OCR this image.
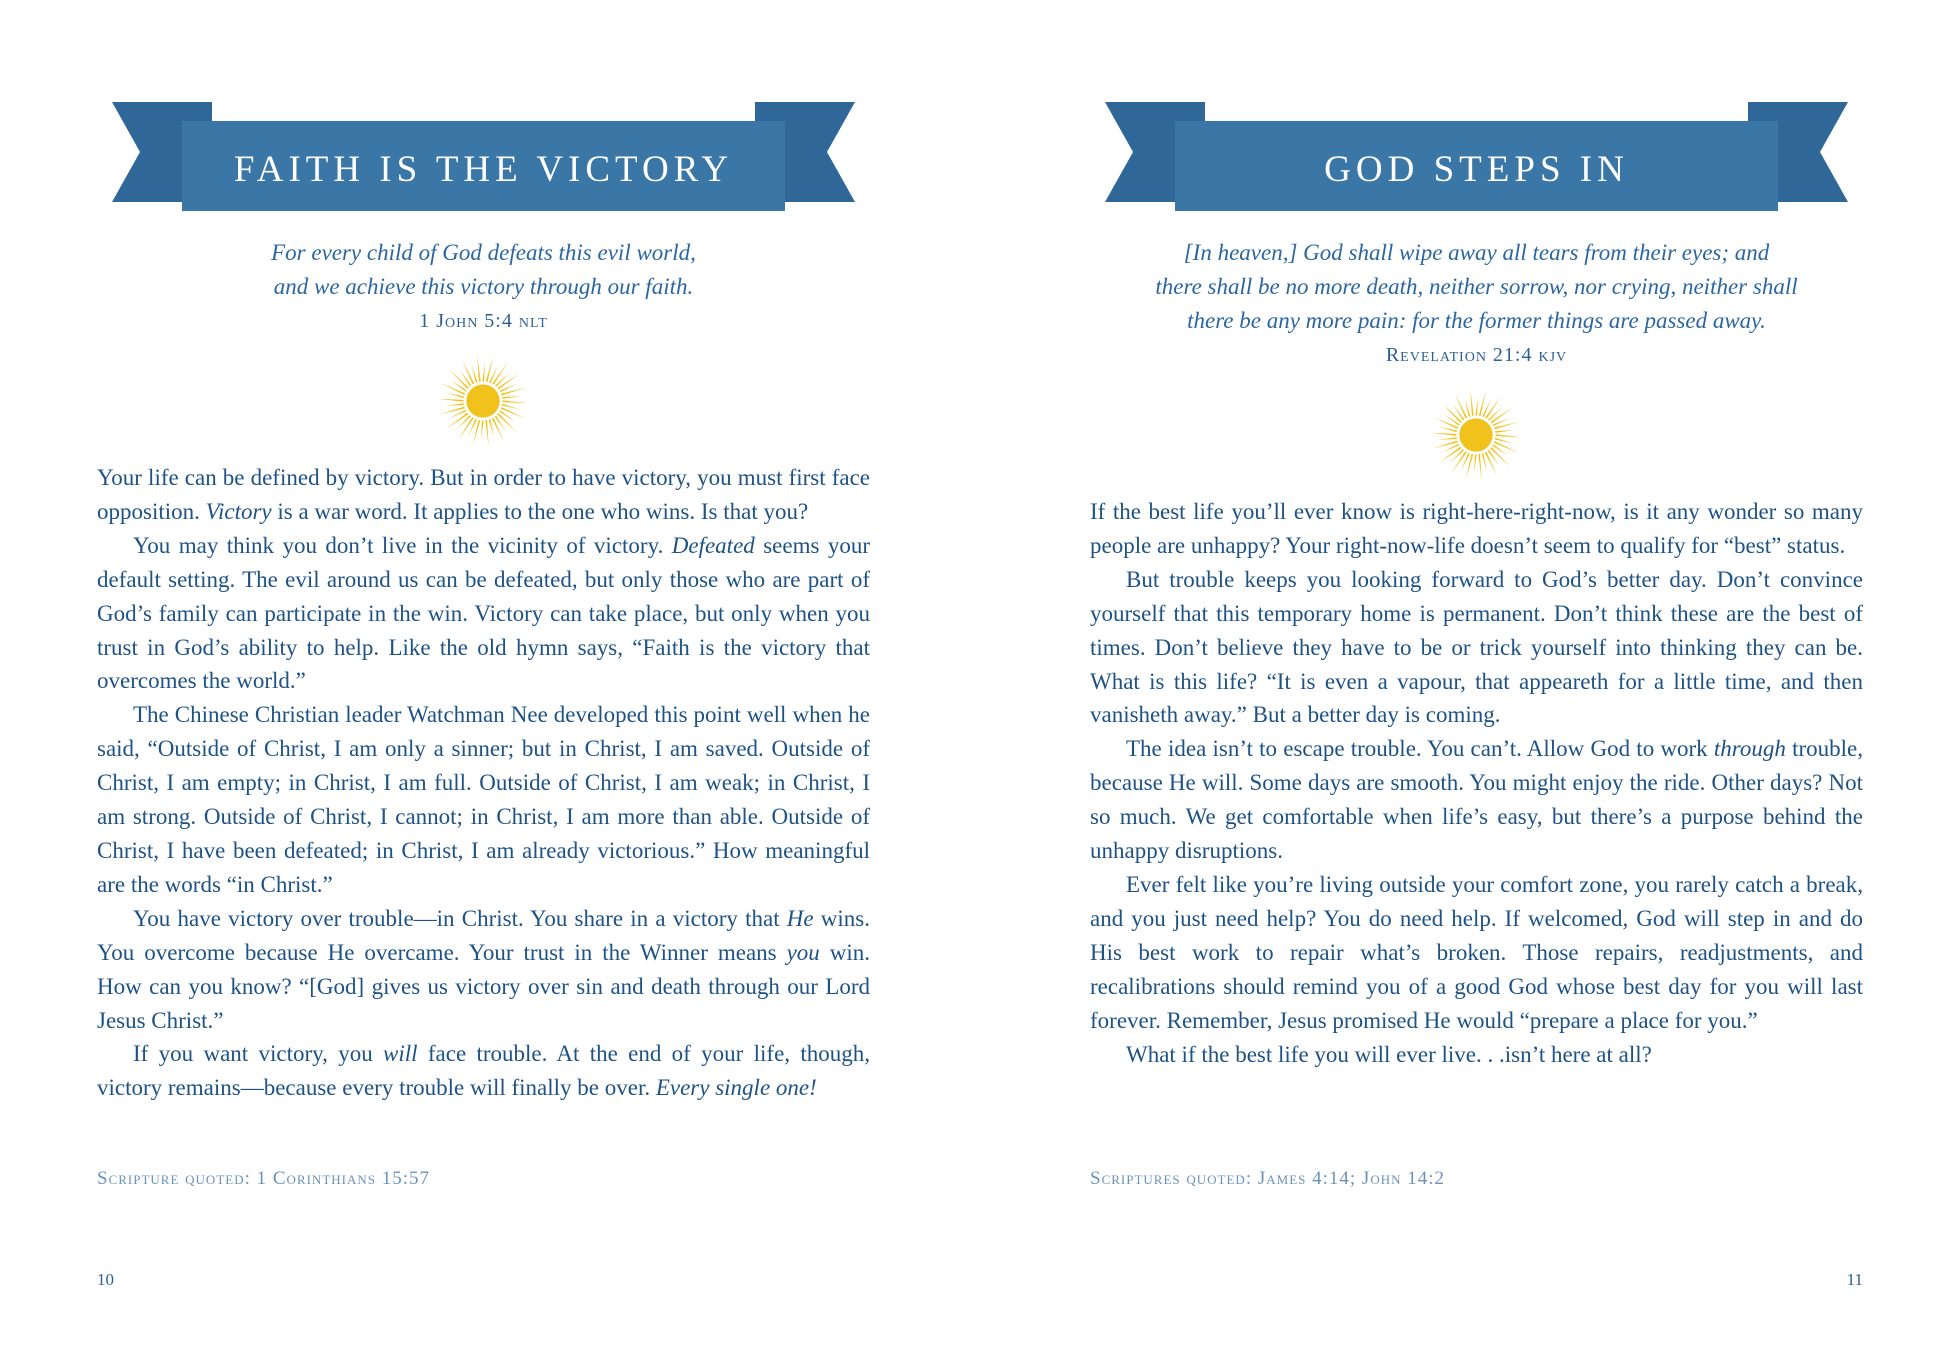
FAITH IS THE VICTORY
For every child of God defeats this evil world,
and we achieve this victory through our faith.
1 John 5:4 nlt

Your life can be defined by victory. But in order to have victory, you must first face opposition. Victory is a war word. It applies to the one who wins. Is that you?

You may think you don’t live in the vicinity of victory. Defeated seems your default setting. The evil around us can be defeated, but only those who are part of God’s family can participate in the win. Victory can take place, but only when you trust in God’s ability to help. Like the old hymn says, “Faith is the victory that overcomes the world.”

The Chinese Christian leader Watchman Nee developed this point well when he said, “Outside of Christ, I am only a sinner; but in Christ, I am saved. Outside of Christ, I am empty; in Christ, I am full. Outside of Christ, I am weak; in Christ, I am strong. Outside of Christ, I cannot; in Christ, I am more than able. Outside of Christ, I have been defeated; in Christ, I am already victorious.” How meaningful are the words “in Christ.”

You have victory over trouble—in Christ. You share in a victory that He wins. You overcome because He overcame. Your trust in the Winner means you win. How can you know? “[God] gives us victory over sin and death through our Lord Jesus Christ.”

If you want victory, you will face trouble. At the end of your life, though, victory remains—because every trouble will finally be over. Every single one!

Scripture quoted: 1 Corinthians 15:57
10
GOD STEPS IN
[In heaven,] God shall wipe away all tears from their eyes; and
there shall be no more death, neither sorrow, nor crying, neither shall
there be any more pain: for the former things are passed away.
Revelation 21:4 kjv

If the best life you’ll ever know is right-here-right-now, is it any wonder so many people are unhappy? Your right-now-life doesn’t seem to qualify for “best” status.

But trouble keeps you looking forward to God’s better day. Don’t convince yourself that this temporary home is permanent. Don’t think these are the best of times. Don’t believe they have to be or trick yourself into thinking they can be. What is this life? “It is even a vapour, that appeareth for a little time, and then vanisheth away.” But a better day is coming.

The idea isn’t to escape trouble. You can’t. Allow God to work through trouble, because He will. Some days are smooth. You might enjoy the ride. Other days? Not so much. We get comfortable when life’s easy, but there’s a purpose behind the unhappy disruptions.

Ever felt like you’re living outside your comfort zone, you rarely catch a break, and you just need help? You do need help. If welcomed, God will step in and do His best work to repair what’s broken. Those repairs, readjustments, and recalibrations should remind you of a good God whose best day for you will last forever. Remember, Jesus promised He would “prepare a place for you.”

What if the best life you will ever live. . .isn’t here at all?

Scriptures quoted: James 4:14; John 14:2
11
